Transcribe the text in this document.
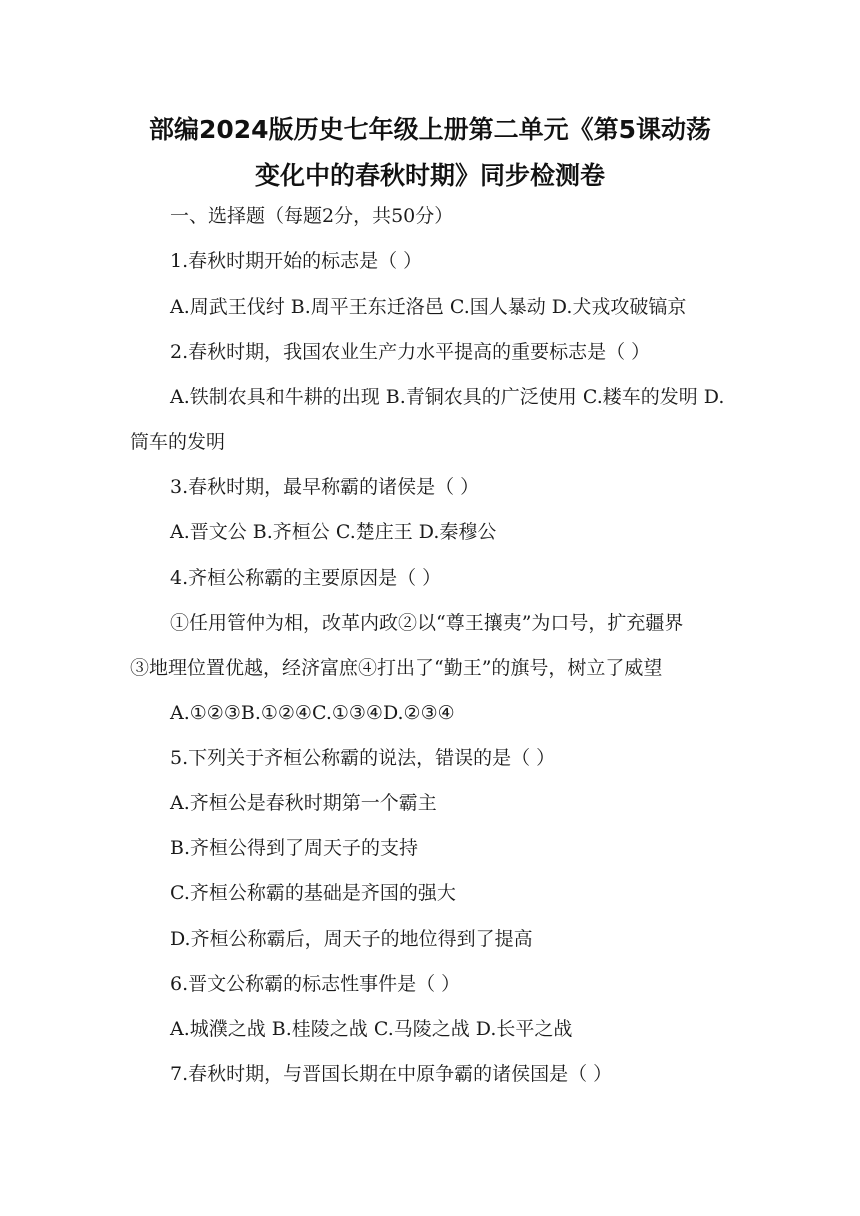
部编2024版历史七年级上册第二单元《第5课动荡
变化中的春秋时期》同步检测卷
一、选择题（每题2分，共50分）
1.春秋时期开始的标志是（ ）
A.周武王伐纣 B.周平王东迁洛邑 C.国人暴动 D.犬戎攻破镐京
2.春秋时期，我国农业生产力水平提高的重要标志是（ ）
A.铁制农具和牛耕的出现 B.青铜农具的广泛使用 C.耧车的发明 D.
筒车的发明
3.春秋时期，最早称霸的诸侯是（ ）
A.晋文公 B.齐桓公 C.楚庄王 D.秦穆公
4.齐桓公称霸的主要原因是（ ）
①任用管仲为相，改革内政②以“尊王攘夷”为口号，扩充疆界
③地理位置优越，经济富庶④打出了“勤王”的旗号，树立了威望
A.①②③B.①②④C.①③④D.②③④
5.下列关于齐桓公称霸的说法，错误的是（ ）
A.齐桓公是春秋时期第一个霸主
B.齐桓公得到了周天子的支持
C.齐桓公称霸的基础是齐国的强大
D.齐桓公称霸后，周天子的地位得到了提高
6.晋文公称霸的标志性事件是（ ）
A.城濮之战 B.桂陵之战 C.马陵之战 D.长平之战
7.春秋时期，与晋国长期在中原争霸的诸侯国是（ ）
